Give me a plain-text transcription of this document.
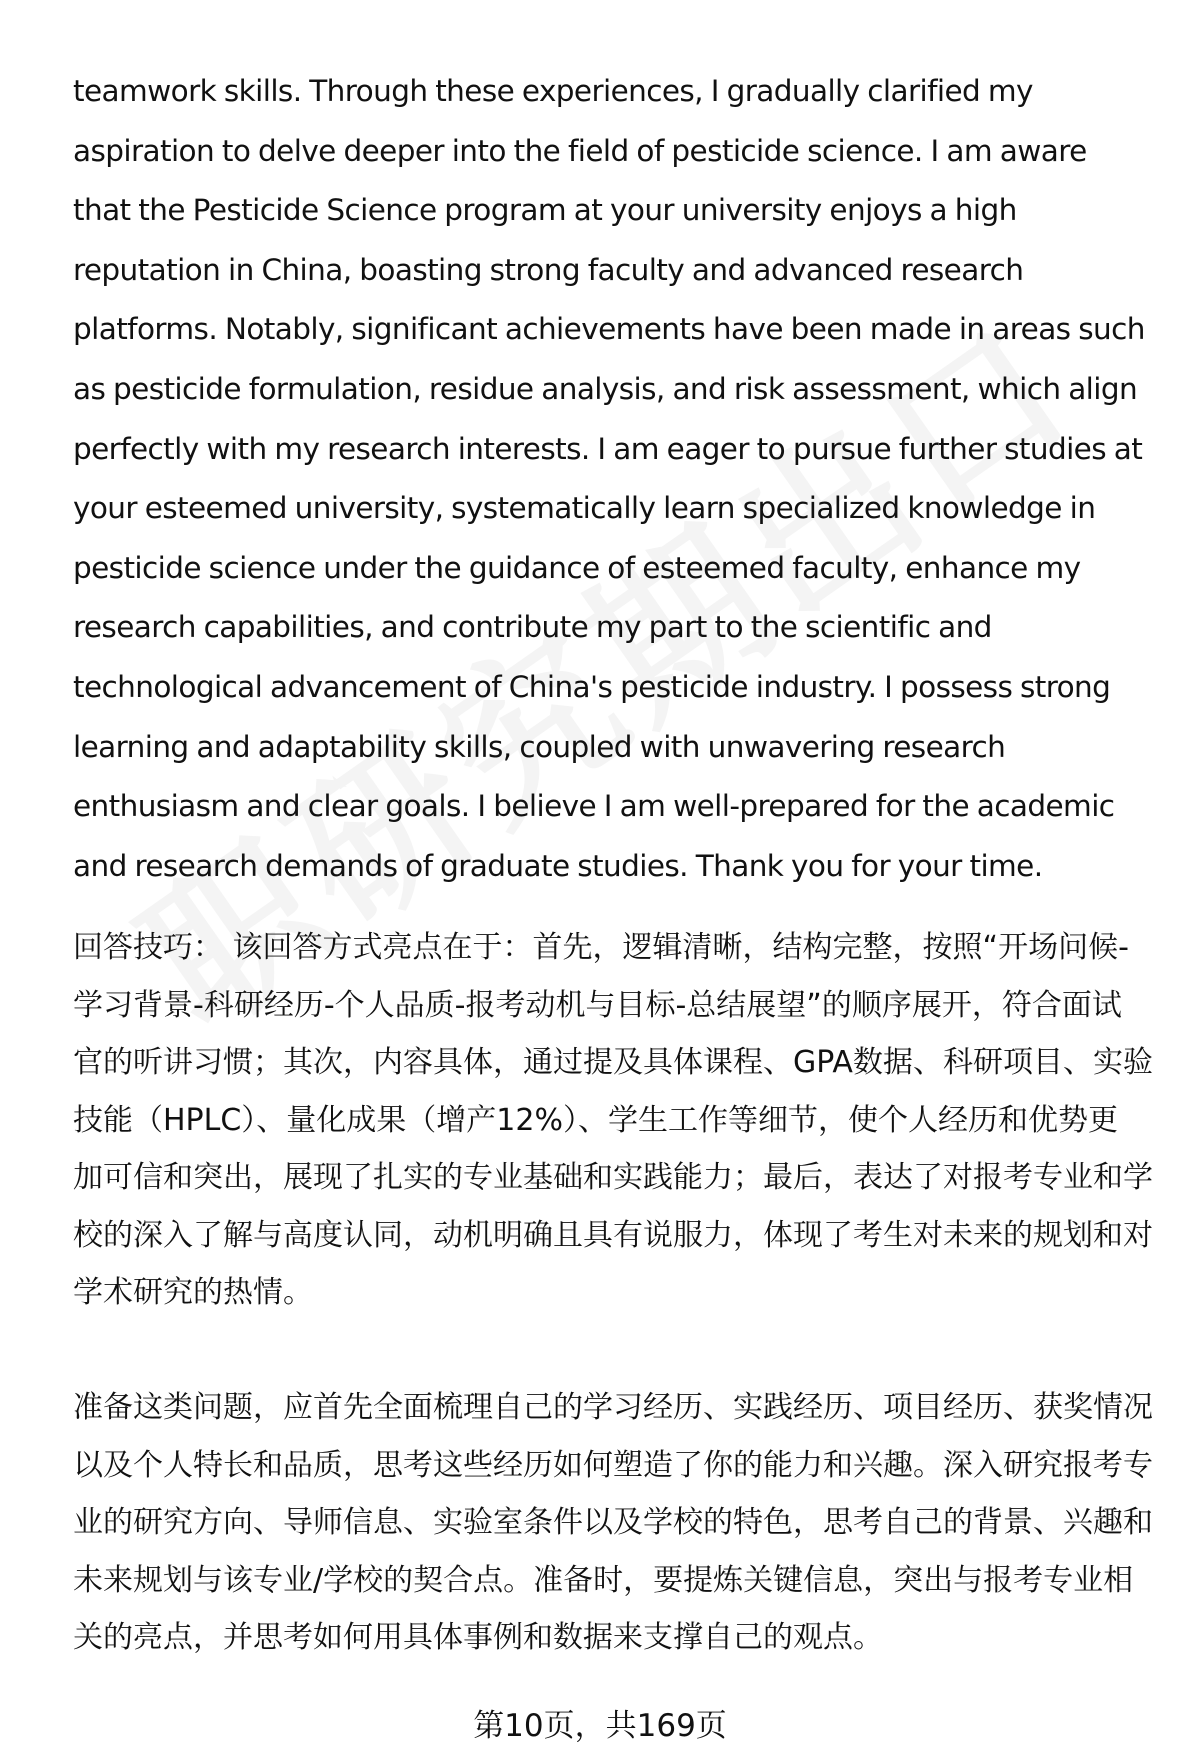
teamwork skills. Through these experiences, I gradually clarified my
aspiration to delve deeper into the field of pesticide science. I am aware
that the Pesticide Science program at your university enjoys a high
reputation in China, boasting strong faculty and advanced research
platforms. Notably, significant achievements have been made in areas such
as pesticide formulation, residue analysis, and risk assessment, which align
perfectly with my research interests. I am eager to pursue further studies at
your esteemed university, systematically learn specialized knowledge in
pesticide science under the guidance of esteemed faculty, enhance my
research capabilities, and contribute my part to the scientific and
technological advancement of China's pesticide industry. I possess strong
learning and adaptability skills, coupled with unwavering research
enthusiasm and clear goals. I believe I am well-prepared for the academic
and research demands of graduate studies. Thank you for your time.

回答技巧： 该回答方式亮点在于：首先，逻辑清晰，结构完整，按照“开场问候-
学习背景-科研经历-个人品质-报考动机与目标-总结展望”的顺序展开，符合面试
官的听讲习惯；其次，内容具体，通过提及具体课程、GPA数据、科研项目、实验
技能（HPLC）、量化成果（增产12%）、学生工作等细节，使个人经历和优势更
加可信和突出，展现了扎实的专业基础和实践能力；最后，表达了对报考专业和学
校的深入了解与高度认同，动机明确且具有说服力，体现了考生对未来的规划和对
学术研究的热情。

准备这类问题，应首先全面梳理自己的学习经历、实践经历、项目经历、获奖情况
以及个人特长和品质，思考这些经历如何塑造了你的能力和兴趣。深入研究报考专
业的研究方向、导师信息、实验室条件以及学校的特色，思考自己的背景、兴趣和
未来规划与该专业/学校的契合点。准备时，要提炼关键信息，突出与报考专业相
关的亮点，并思考如何用具体事例和数据来支撑自己的观点。

第10页，共169页
